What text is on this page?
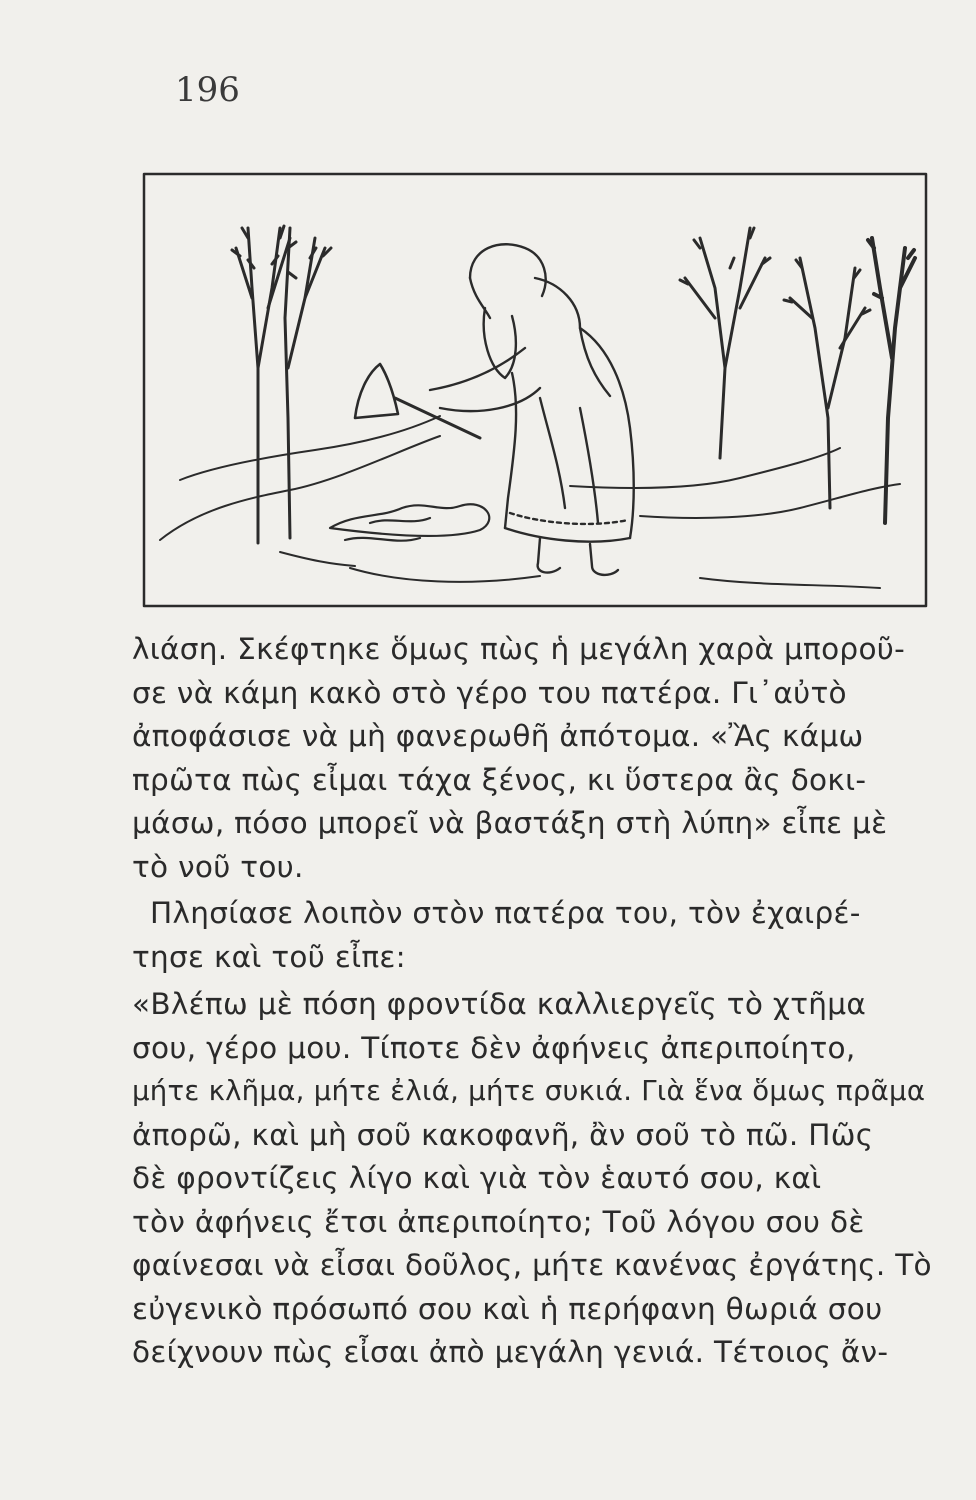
196

λιάση. Σκέφτηκε ὅμως πὼς ἡ μεγάλη χαρὰ μποροῦ-
σε νὰ κάμη κακὸ στὸ γέρο του πατέρα. Γι᾽αὐτὸ
ἀποφάσισε νὰ μὴ φανερωθῆ ἀπότομα. «Ἂς κάμω
πρῶτα πὼς εἶμαι τάχα ξένος, κι ὕστερα ἂς δοκι-
μάσω, πόσο μπορεῖ νὰ βαστάξη στὴ λύπη» εἶπε μὲ
τὸ νοῦ του.

Πλησίασε λοιπὸν στὸν πατέρα του, τὸν ἐχαιρέ-
τησε καὶ τοῦ εἶπε:

«Βλέπω μὲ πόση φροντίδα καλλιεργεῖς τὸ χτῆμα
σου, γέρο μου. Τίποτε δὲν ἀφήνεις ἀπεριποίητο,
μήτε κλῆμα, μήτε ἐλιά, μήτε συκιά. Γιὰ ἕνα ὅμως πρᾶμα
ἀπορῶ, καὶ μὴ σοῦ κακοφανῆ, ἂν σοῦ τὸ πῶ. Πῶς
δὲ φροντίζεις λίγο καὶ γιὰ τὸν ἑαυτό σου, καὶ
τὸν ἀφήνεις ἔτσι ἀπεριποίητο; Τοῦ λόγου σου δὲ
φαίνεσαι νὰ εἶσαι δοῦλος, μήτε κανένας ἐργάτης. Τὸ
εὐγενικὸ πρόσωπό σου καὶ ἡ περήφανη θωριά σου
δείχνουν πὼς εἶσαι ἀπὸ μεγάλη γενιά. Τέτοιος ἄν-
